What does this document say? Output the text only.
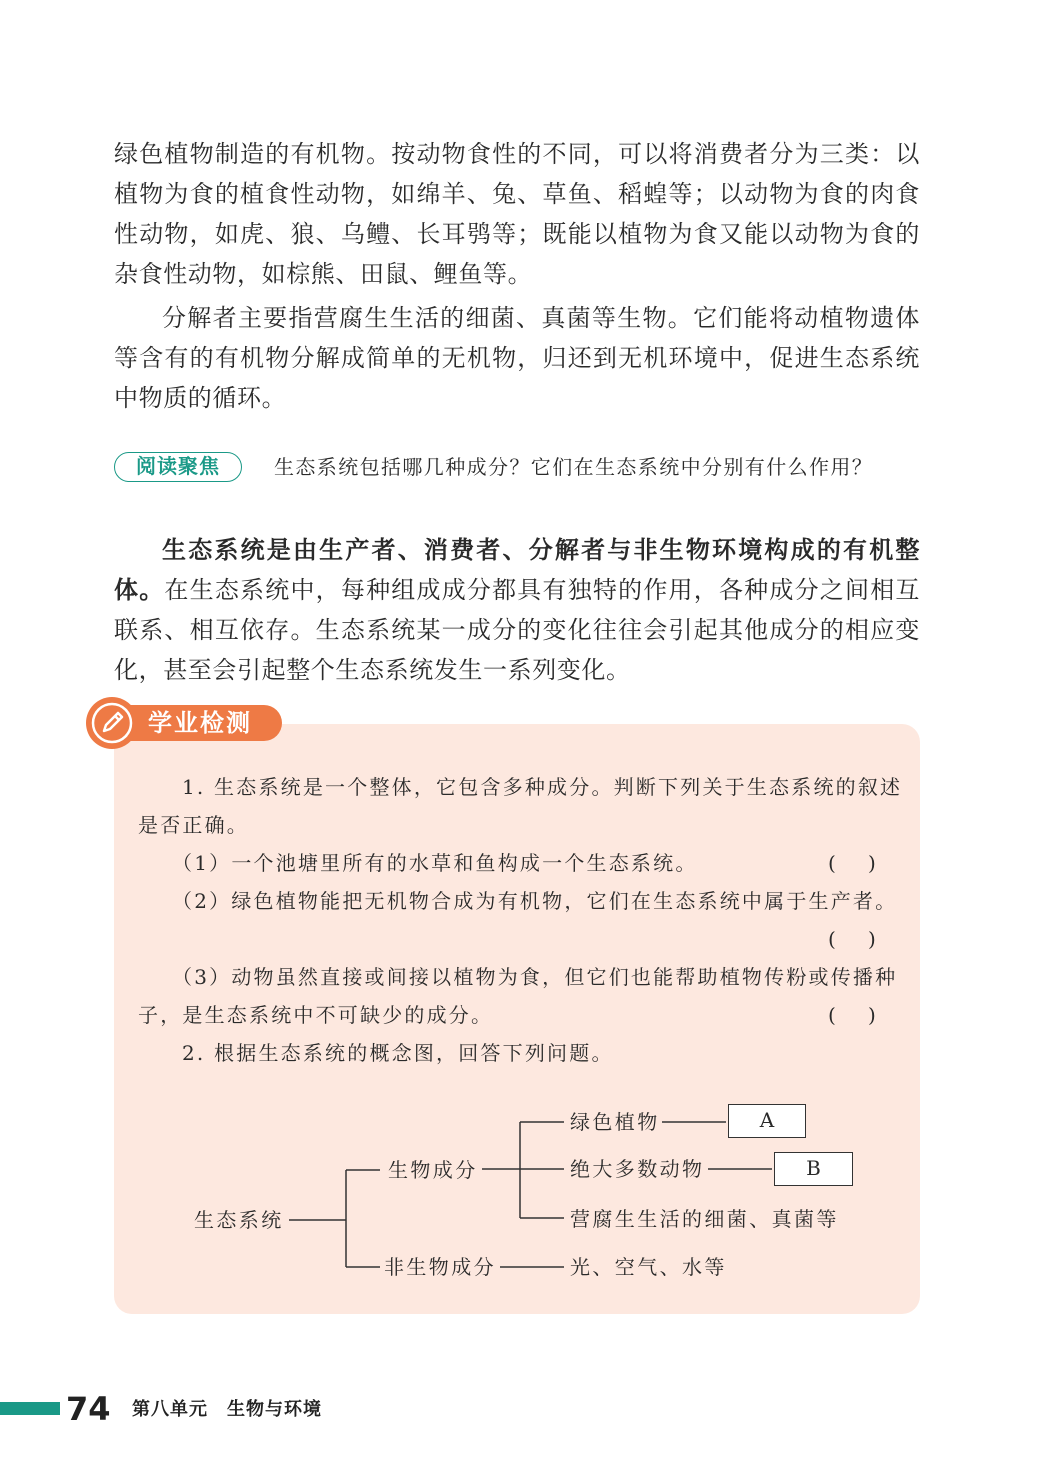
绿色植物制造的有机物。按动物食性的不同，可以将消费者分为三类：以植物为食的植食性动物，如绵羊、兔、草鱼、稻蝗等；以动物为食的肉食性动物，如虎、狼、乌鳢、长耳鸮等；既能以植物为食又能以动物为食的杂食性动物，如棕熊、田鼠、鲤鱼等。

分解者主要指营腐生生活的细菌、真菌等生物。它们能将动植物遗体等含有的有机物分解成简单的无机物，归还到无机环境中，促进生态系统中物质的循环。

阅读聚焦	生态系统包括哪几种成分？它们在生态系统中分别有什么作用？

生态系统是由生产者、消费者、分解者与非生物环境构成的有机整体。在生态系统中，每种组成成分都具有独特的作用，各种成分之间相互联系、相互依存。生态系统某一成分的变化往往会引起其他成分的相应变化，甚至会引起整个生态系统发生一系列变化。

学业检测

1. 生态系统是一个整体，它包含多种成分。判断下列关于生态系统的叙述

是否正确。

（1）一个池塘里所有的水草和鱼构成一个生态系统。	( )

（2）绿色植物能把无机物合成为有机物，它们在生态系统中属于生产者。

( )

（3）动物虽然直接或间接以植物为食，但它们也能帮助植物传粉或传播种

子，是生态系统中不可缺少的成分。	( )

2. 根据生态系统的概念图，回答下列问题。

生态系统
生物成分
非生物成分
绿色植物
绝大多数动物
营腐生生活的细菌、真菌等
光、空气、水等
A
B
74 第八单元　生物与环境
